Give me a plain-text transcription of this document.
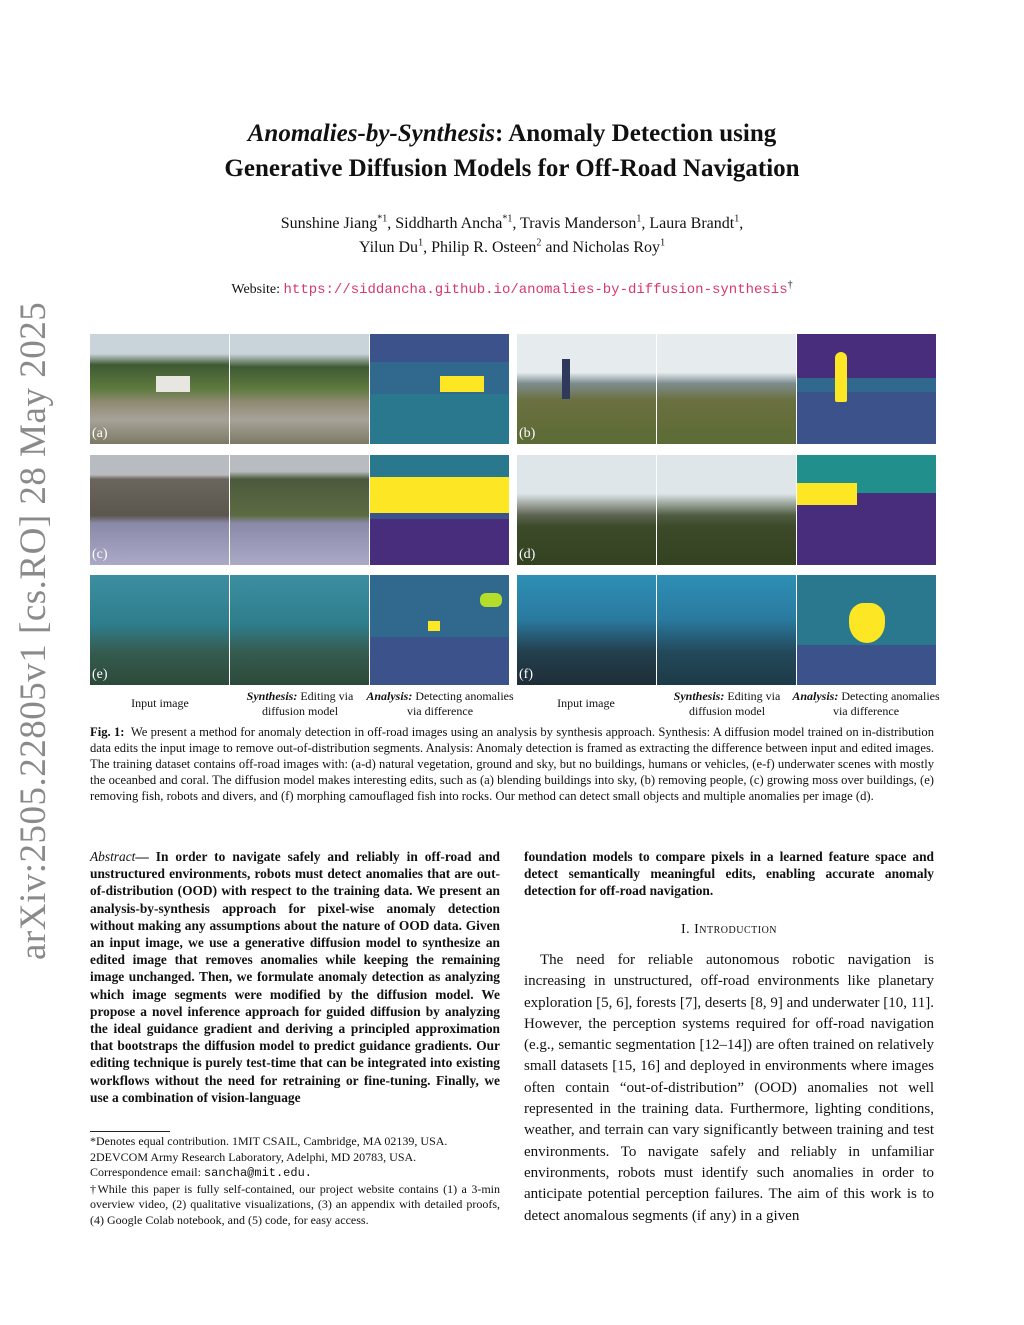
arXiv:2505.22805v1 [cs.RO] 28 May 2025
Anomalies-by-Synthesis: Anomaly Detection using
Generative Diffusion Models for Off-Road Navigation
Sunshine Jiang$^{*1}$, Siddharth Ancha$^{*1}$, Travis Manderson$^1$, Laura Brandt$^1$,
Yilun Du$^1$, Philip R. Osteen$^2$ and Nicholas Roy$^1$
Website: https://siddancha.github.io/anomalies-by-diffusion-synthesis†
(a)	(b)
(c)	(d)
(e)	(f)
Input image	Synthesis: Editing via diffusion model
Analysis: Detecting anomalies via difference
Input image	Synthesis: Editing via diffusion model
Analysis: Detecting anomalies via difference
Fig. 1: We present a method for anomaly detection in off-road images using an analysis by synthesis approach. Synthesis: A diffusion model trained on in-distribution data edits the input image to remove out-of-distribution segments. Analysis: Anomaly detection is framed as extracting the difference between input and edited images. The training dataset contains off-road images with: (a-d) natural vegetation, ground and sky, but no buildings, humans or vehicles, (e-f) underwater scenes with mostly the oceanbed and coral. The diffusion model makes interesting edits, such as (a) blending buildings into sky, (b) removing people, (c) growing moss over buildings, (e) removing fish, robots and divers, and (f) morphing camouflaged fish into rocks. Our method can detect small objects and multiple anomalies per image (d).
Abstract— In order to navigate safely and reliably in off-road and unstructured environments, robots must detect anomalies that are out-of-distribution (OOD) with respect to the training data. We present an analysis-by-synthesis approach for pixel-wise anomaly detection without making any assumptions about the nature of OOD data. Given an input image, we use a generative diffusion model to synthesize an edited image that removes anomalies while keeping the remaining image unchanged. Then, we formulate anomaly detection as analyzing which image segments were modified by the diffusion model. We propose a novel inference approach for guided diffusion by analyzing the ideal guidance gradient and deriving a principled approximation that bootstraps the diffusion model to predict guidance gradients. Our editing technique is purely test-time that can be integrated into existing workflows without the need for retraining or fine-tuning. Finally, we use a combination of vision-language
foundation models to compare pixels in a learned feature space and detect semantically meaningful edits, enabling accurate anomaly detection for off-road navigation.
I. Introduction
The need for reliable autonomous robotic navigation is increasing in unstructured, off-road environments like planetary exploration [5, 6], forests [7], deserts [8, 9] and underwater [10, 11]. However, the perception systems required for off-road navigation (e.g., semantic segmentation [12–14]) are often trained on relatively small datasets [15, 16] and deployed in environments where images often contain “out-of-distribution” (OOD) anomalies not well represented in the training data. Furthermore, lighting conditions, weather, and terrain can vary significantly between training and test environments. To navigate safely and reliably in unfamiliar environments, robots must identify such anomalies in order to anticipate potential perception failures. The aim of this work is to detect anomalous segments (if any) in a given
*Denotes equal contribution. 1MIT CSAIL, Cambridge, MA 02139, USA.
2DEVCOM Army Research Laboratory, Adelphi, MD 20783, USA.
Correspondence email: sancha@mit.edu.
†While this paper is fully self-contained, our project website contains (1) a 3-min overview video, (2) qualitative visualizations, (3) an appendix with detailed proofs, (4) Google Colab notebook, and (5) code, for easy access.
